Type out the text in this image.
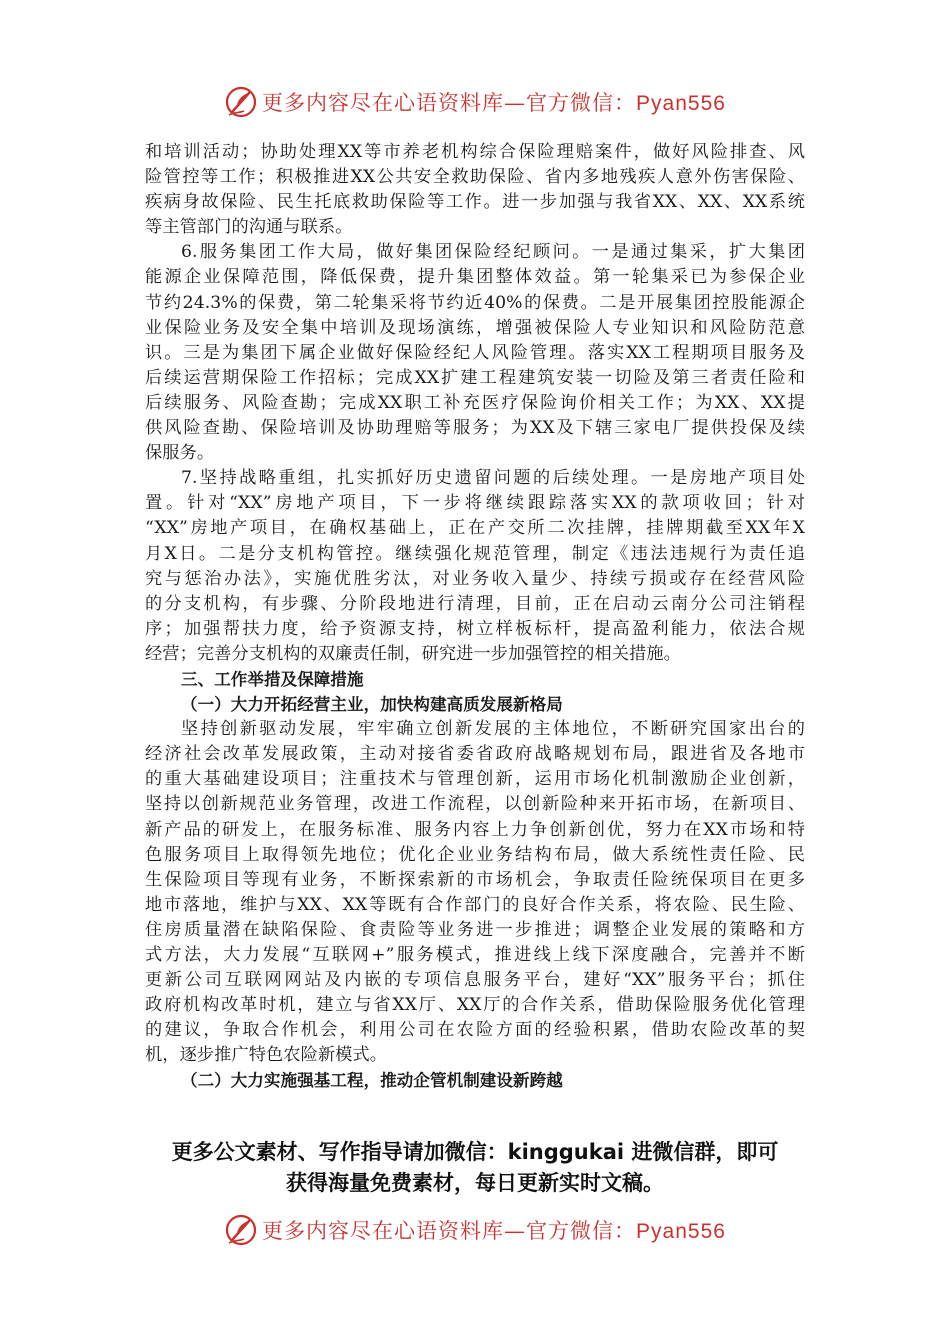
更多内容尽在心语资料库—官方微信：Pyan556
和培训活动；协助处理XX等市养老机构综合保险理赔案件，做好风险排查、风
险管控等工作；积极推进XX公共安全救助保险、省内多地残疾人意外伤害保险、
疾病身故保险、民生托底救助保险等工作。进一步加强与我省XX、XX、XX系统
等主管部门的沟通与联系。
6.服务集团工作大局，做好集团保险经纪顾问。一是通过集采，扩大集团
能源企业保障范围，降低保费，提升集团整体效益。第一轮集采已为参保企业
节约24.3%的保费，第二轮集采将节约近40%的保费。二是开展集团控股能源企
业保险业务及安全集中培训及现场演练，增强被保险人专业知识和风险防范意
识。三是为集团下属企业做好保险经纪人风险管理。落实XX工程期项目服务及
后续运营期保险工作招标；完成XX扩建工程建筑安装一切险及第三者责任险和
后续服务、风险查勘；完成XX职工补充医疗保险询价相关工作；为XX、XX提
供风险查勘、保险培训及协助理赔等服务；为XX及下辖三家电厂提供投保及续
保服务。
7.坚持战略重组，扎实抓好历史遗留问题的后续处理。一是房地产项目处
置。针对“XX”房地产项目，下一步将继续跟踪落实XX的款项收回；针对
“XX”房地产项目，在确权基础上，正在产交所二次挂牌，挂牌期截至XX年X
月X日。二是分支机构管控。继续强化规范管理，制定《违法违规行为责任追
究与惩治办法》，实施优胜劣汰，对业务收入量少、持续亏损或存在经营风险
的分支机构，有步骤、分阶段地进行清理，目前，正在启动云南分公司注销程
序；加强帮扶力度，给予资源支持，树立样板标杆，提高盈利能力，依法合规
经营；完善分支机构的双廉责任制，研究进一步加强管控的相关措施。
三、工作举措及保障措施
（一）大力开拓经营主业，加快构建高质发展新格局
坚持创新驱动发展，牢牢确立创新发展的主体地位，不断研究国家出台的
经济社会改革发展政策，主动对接省委省政府战略规划布局，跟进省及各地市
的重大基础建设项目；注重技术与管理创新，运用市场化机制激励企业创新，
坚持以创新规范业务管理，改进工作流程，以创新险种来开拓市场，在新项目、
新产品的研发上，在服务标准、服务内容上力争创新创优，努力在XX市场和特
色服务项目上取得领先地位；优化企业业务结构布局，做大系统性责任险、民
生保险项目等现有业务，不断探索新的市场机会，争取责任险统保项目在更多
地市落地，维护与XX、XX等既有合作部门的良好合作关系，将农险、民生险、
住房质量潜在缺陷保险、食责险等业务进一步推进；调整企业发展的策略和方
式方法，大力发展“互联网+”服务模式，推进线上线下深度融合，完善并不断
更新公司互联网网站及内嵌的专项信息服务平台，建好“XX”服务平台；抓住
政府机构改革时机，建立与省XX厅、XX厅的合作关系，借助保险服务优化管理
的建议，争取合作机会，利用公司在农险方面的经验积累，借助农险改革的契
机，逐步推广特色农险新模式。
（二）大力实施强基工程，推动企管机制建设新跨越
更多公文素材、写作指导请加微信：kinggukai 进微信群，即可
获得海量免费素材，每日更新实时文稿。
更多内容尽在心语资料库—官方微信：Pyan556
